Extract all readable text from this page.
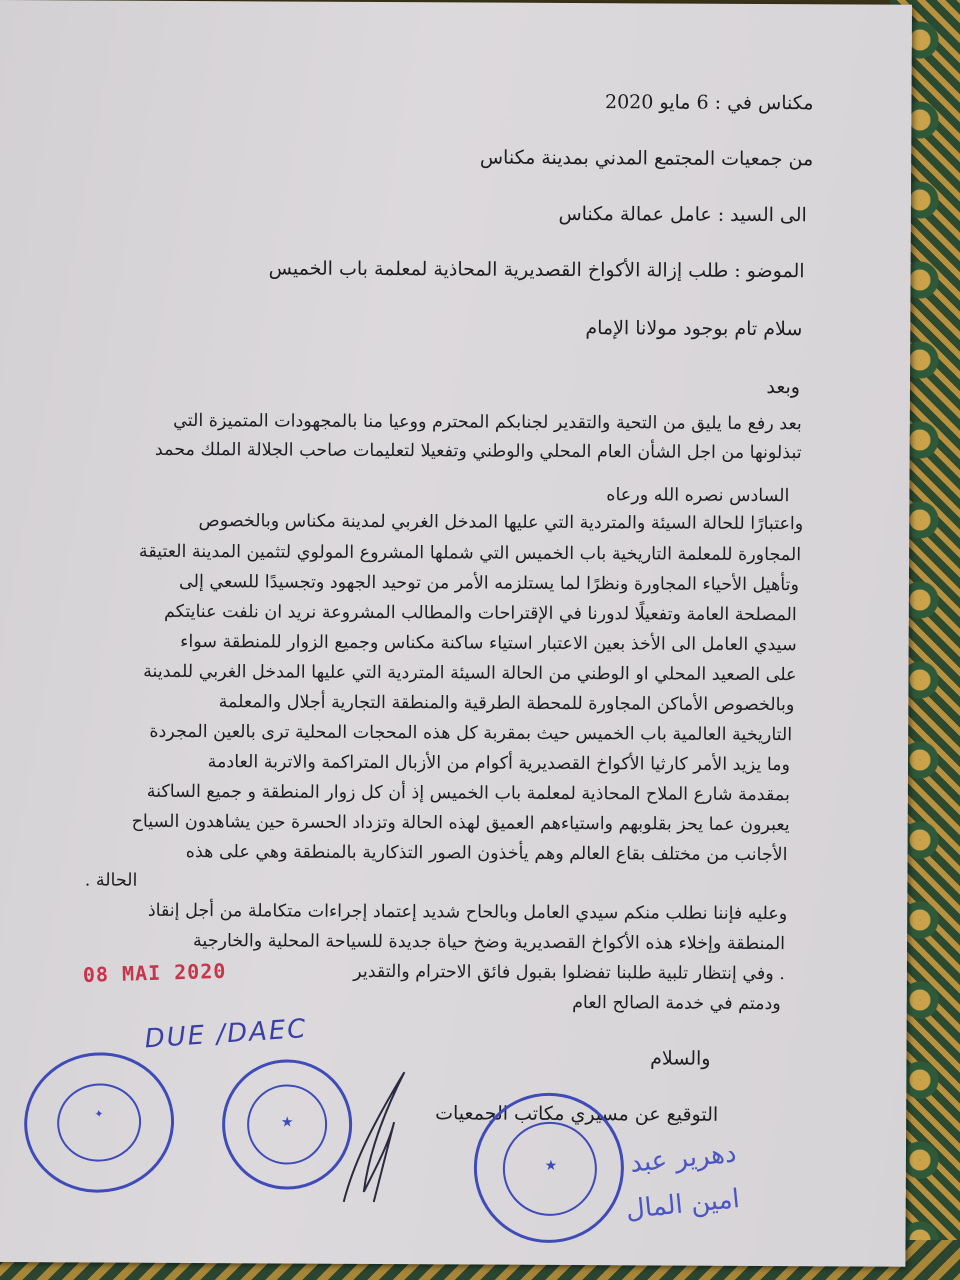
مكناس في : 6 مايو 2020
من جمعيات المجتمع المدني بمدينة مكناس
الى السيد : عامل عمالة مكناس
الموضو : طلب إزالة الأكواخ القصديرية المحاذية لمعلمة باب الخميس
سلام تام بوجود مولانا الإمام
وبعد
بعد رفع ما يليق من التحية والتقدير لجنابكم المحترم ووعيا منا بالمجهودات المتميزة التي
تبذلونها من اجل الشأن العام المحلي والوطني وتفعيلا لتعليمات صاحب الجلالة الملك محمد
السادس نصره الله ورعاه
واعتبارًا للحالة السيئة والمتردية التي عليها المدخل الغربي لمدينة مكناس وبالخصوص
المجاورة للمعلمة التاريخية باب الخميس التي شملها المشروع المولوي لتثمين المدينة العتيقة
وتأهيل الأحياء المجاورة ونظرًا لما يستلزمه الأمر من توحيد الجهود وتجسيدًا للسعي إلى
المصلحة العامة وتفعيلًا لدورنا في الإقتراحات والمطالب المشروعة نريد ان نلفت عنايتكم
سيدي العامل الى الأخذ بعين الاعتبار استياء ساكنة مكناس وجميع الزوار للمنطقة سواء
على الصعيد المحلي او الوطني من الحالة السيئة المتردية التي عليها المدخل الغربي للمدينة
وبالخصوص الأماكن المجاورة للمحطة الطرقية والمنطقة التجارية أجلال والمعلمة
التاريخية العالمية باب الخميس حيث بمقربة كل هذه المحجات المحلية ترى بالعين المجردة
وما يزيد الأمر كارثيا الأكواخ القصديرية أكوام من الأزبال المتراكمة والاتربة العادمة
بمقدمة شارع الملاح المحاذية لمعلمة باب الخميس إذ أن كل زوار المنطقة و جميع الساكنة
يعبرون عما يحز بقلوبهم واستياءهم العميق لهذه الحالة وتزداد الحسرة حين يشاهدون السياح
الأجانب من مختلف بقاع العالم وهم يأخذون الصور التذكارية بالمنطقة وهي على هذه
الحالة .
وعليه فإننا نطلب منكم سيدي العامل وبالحاح شديد إعتماد إجراءات متكاملة من أجل إنقاذ
المنطقة وإخلاء هذه الأكواخ القصديرية وضخ حياة جديدة للسياحة المحلية والخارجية
. وفي إنتظار تلبية طلبنا تفضلوا بقبول فائق الاحترام والتقدير
ودمتم في خدمة الصالح العام
والسلام
التوقيع عن مسيري مكاتب الجمعيات
08 MAI 2020
DUE /DAEC
✦
★
★	دهرير عبد
امين المال
